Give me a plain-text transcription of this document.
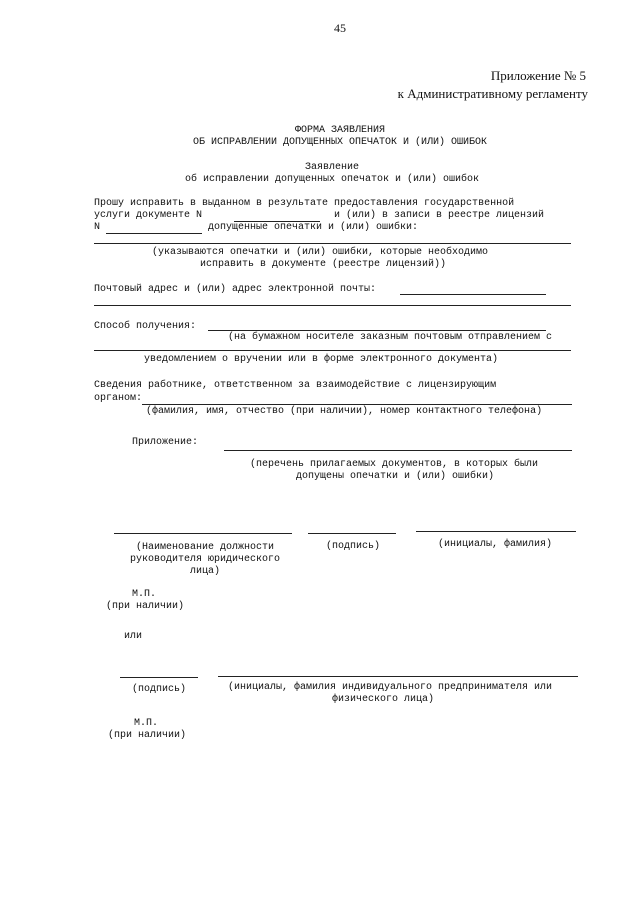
45
Приложение № 5
к Административному регламенту
ФОРМА ЗАЯВЛЕНИЯ
ОБ ИСПРАВЛЕНИИ ДОПУЩЕННЫХ ОПЕЧАТОК И (ИЛИ) ОШИБОК
Заявление
об исправлении допущенных опечаток и (или) ошибок
Прошу исправить в выданном в результате предоставления государственной
услуги документе N	и (или) в записи в реестре лицензий
N	допущенные опечатки и (или) ошибки:
(указываются опечатки и (или) ошибки, которые необходимо
исправить в документе (реестре лицензий))
Почтовый адрес и (или) адрес электронной почты:
Способ получения:
(на бумажном носителе заказным почтовым отправлением с
уведомлением о вручении или в форме электронного документа)
Сведения работнике, ответственном за взаимодействие с лицензирующим
органом:
(фамилия, имя, отчество (при наличии), номер контактного телефона)
Приложение:
(перечень прилагаемых документов, в которых были
допущены опечатки и (или) ошибки)
(Наименование должности
руководителя юридического
лица)
(подпись)	(инициалы, фамилия)
М.П.
(при наличии)
или
(подпись)	(инициалы, фамилия индивидуального предпринимателя или
физического лица)
М.П.
(при наличии)
